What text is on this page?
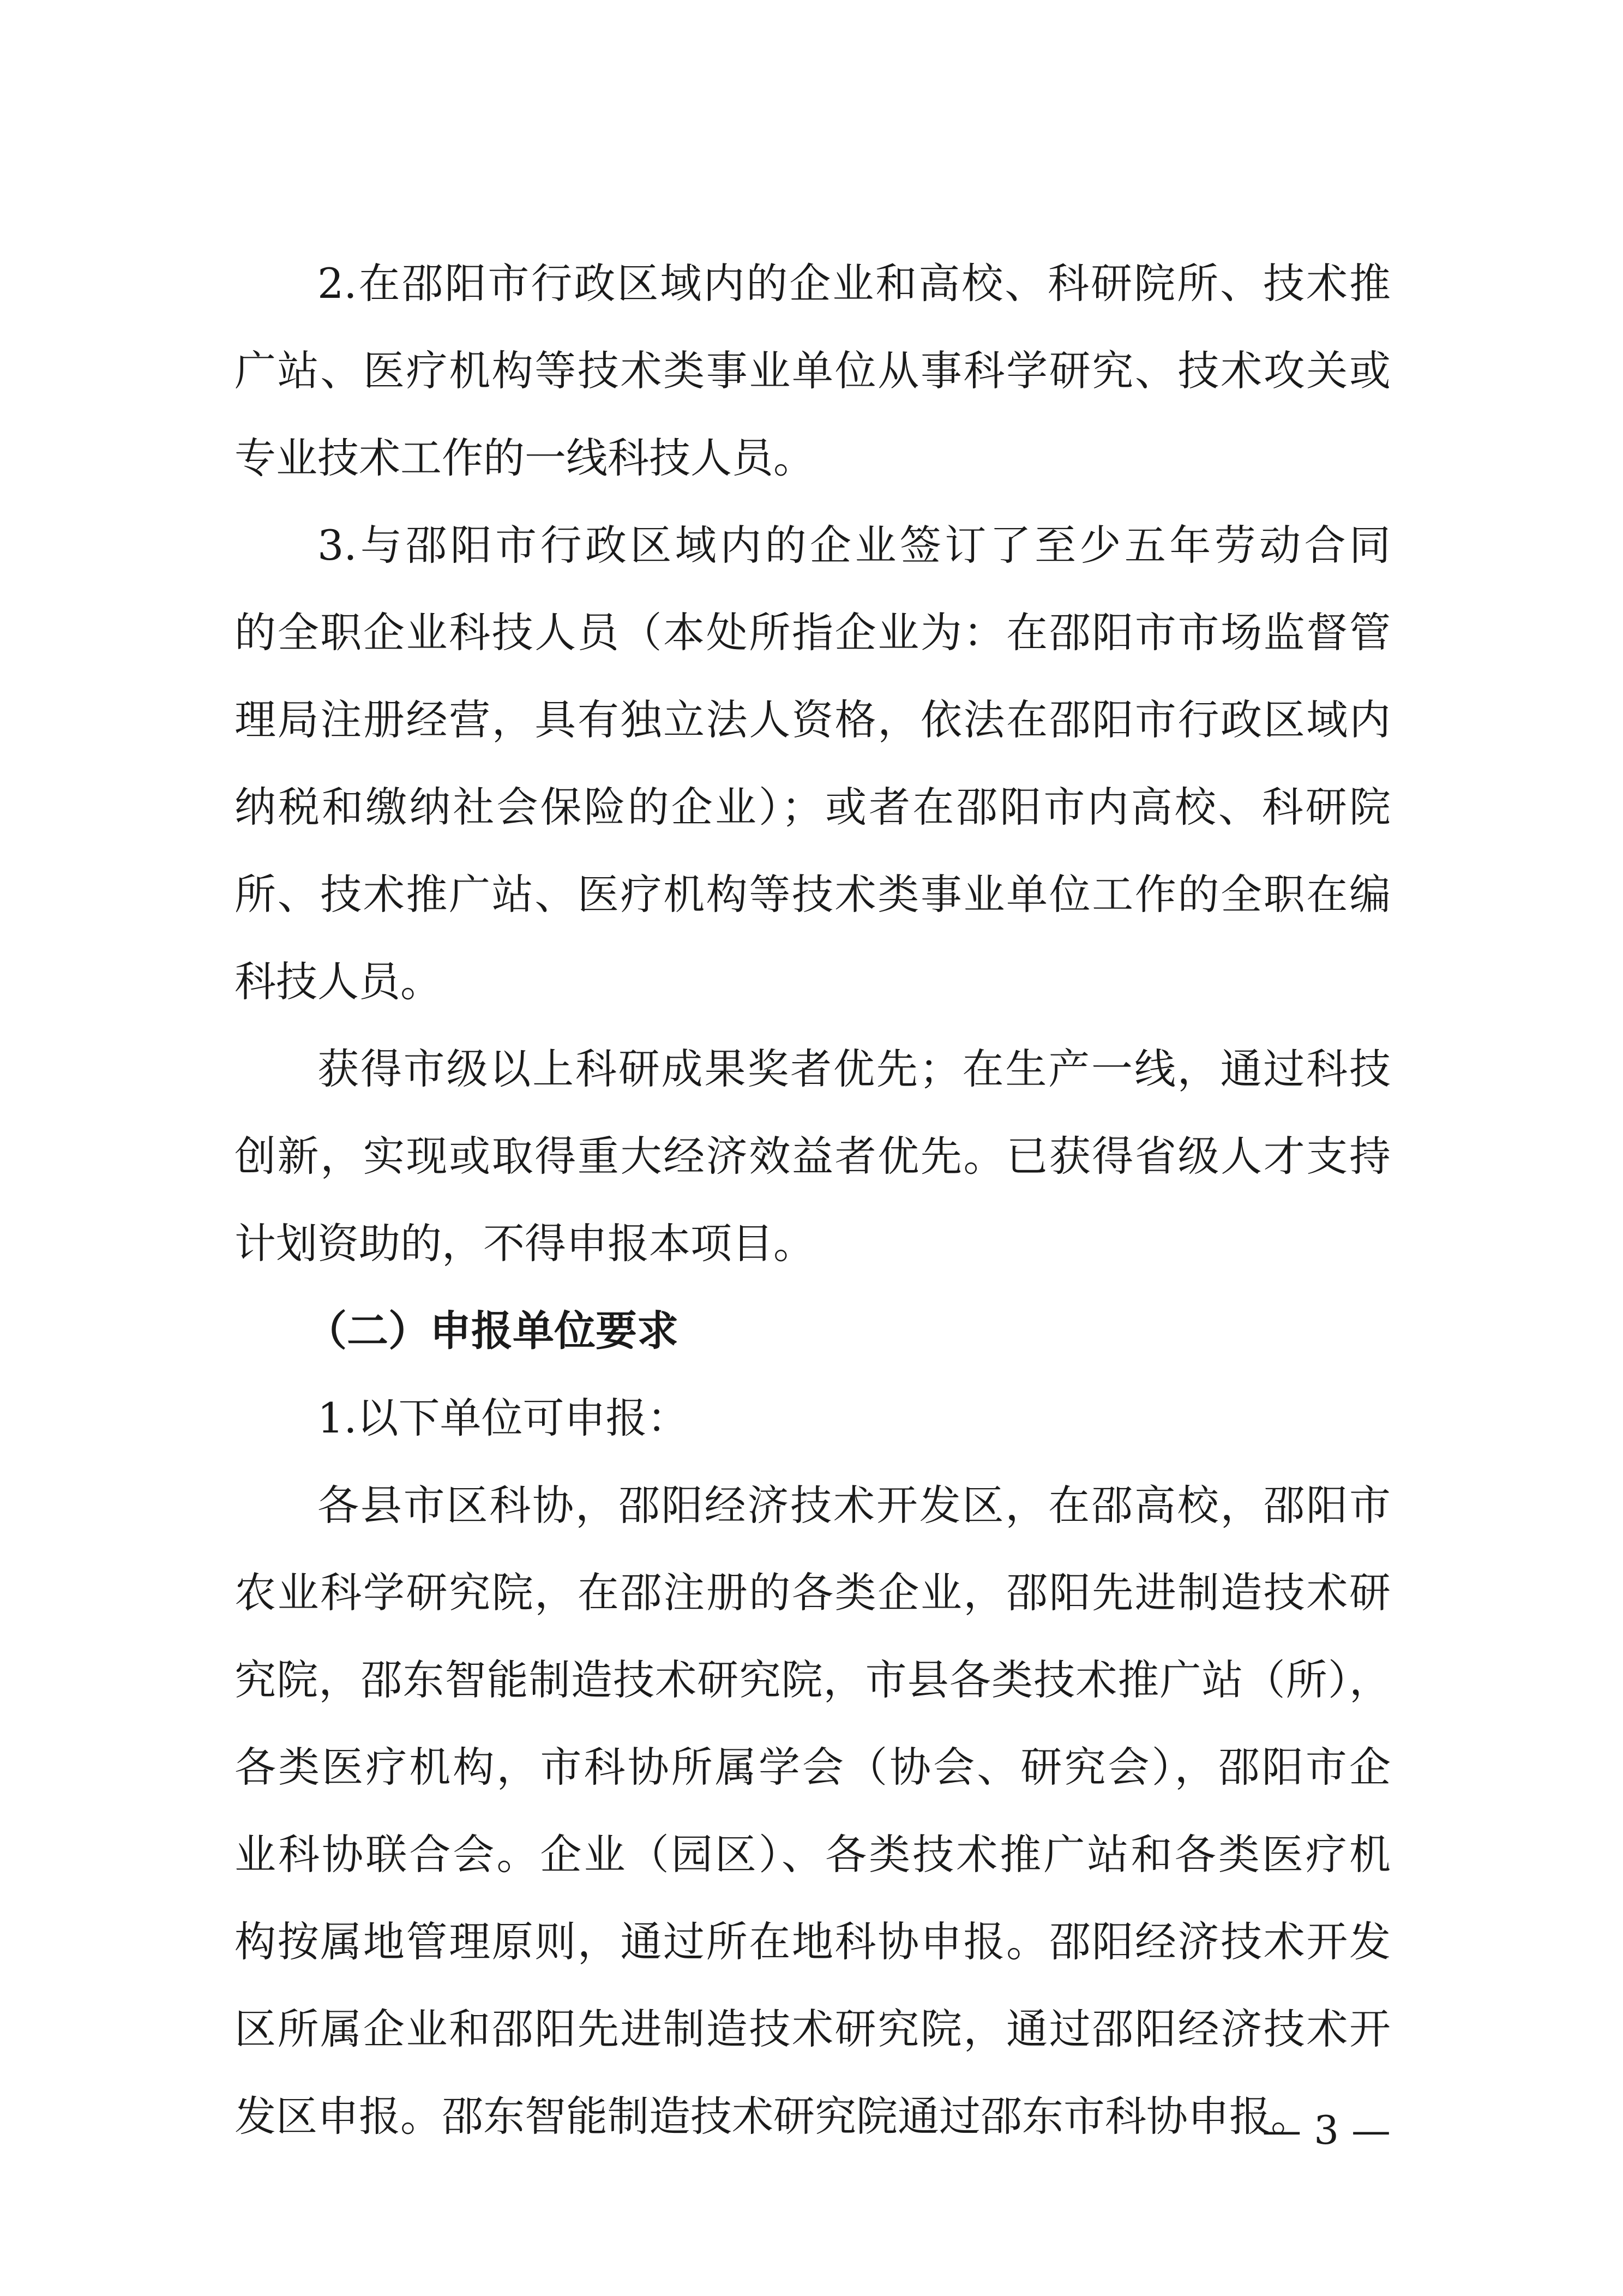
2.在邵阳市行政区域内的企业和高校、科研院所、技术推
广站、医疗机构等技术类事业单位从事科学研究、技术攻关或
专业技术工作的一线科技人员。
3.与邵阳市行政区域内的企业签订了至少五年劳动合同
的全职企业科技人员（本处所指企业为：在邵阳市市场监督管
理局注册经营，具有独立法人资格，依法在邵阳市行政区域内
纳税和缴纳社会保险的企业）；或者在邵阳市内高校、科研院
所、技术推广站、医疗机构等技术类事业单位工作的全职在编
科技人员。
获得市级以上科研成果奖者优先；在生产一线，通过科技
创新，实现或取得重大经济效益者优先。已获得省级人才支持
计划资助的，不得申报本项目。
（二）申报单位要求
1.以下单位可申报：
各县市区科协，邵阳经济技术开发区，在邵高校，邵阳市
农业科学研究院，在邵注册的各类企业，邵阳先进制造技术研
究院，邵东智能制造技术研究院，市县各类技术推广站（所），
各类医疗机构，市科协所属学会（协会、研究会），邵阳市企
业科协联合会。企业（园区）、各类技术推广站和各类医疗机
构按属地管理原则，通过所在地科协申报。邵阳经济技术开发
区所属企业和邵阳先进制造技术研究院，通过邵阳经济技术开
发区申报。邵东智能制造技术研究院通过邵东市科协申报。
— 3 —
